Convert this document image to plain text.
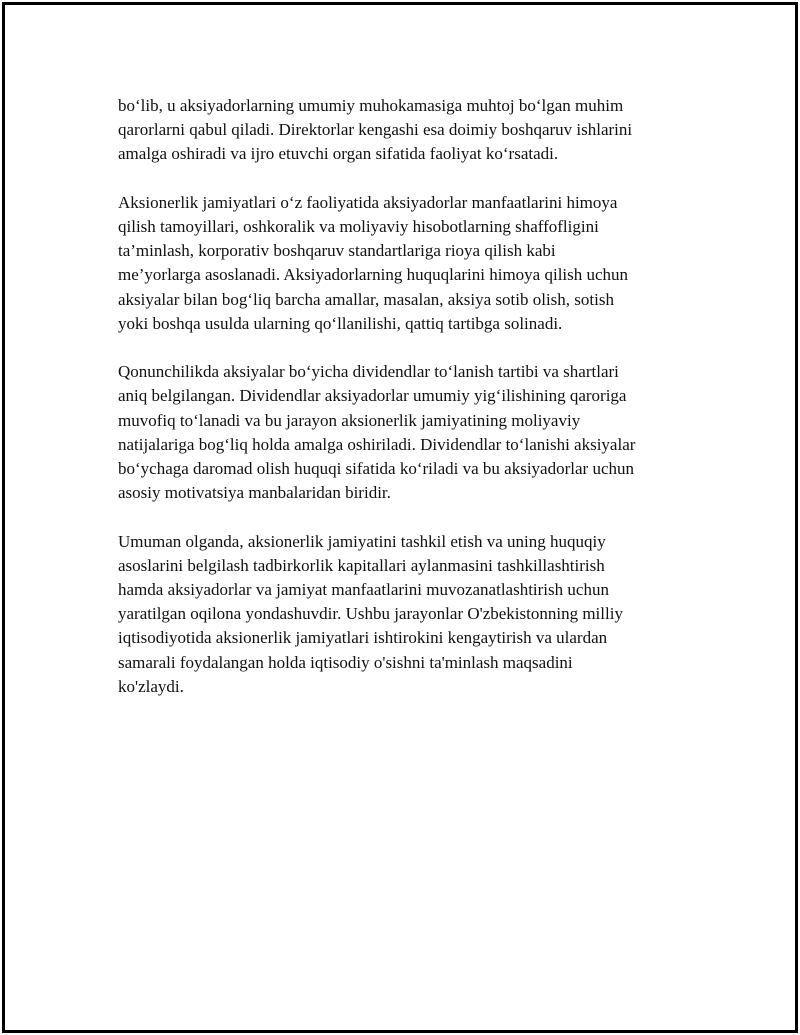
bo‘lib, u aksiyadorlarning umumiy muhokamasiga muhtoj bo‘lgan muhim
qarorlarni qabul qiladi. Direktorlar kengashi esa doimiy boshqaruv ishlarini
amalga oshiradi va ijro etuvchi organ sifatida faoliyat ko‘rsatadi.

Aksionerlik jamiyatlari o‘z faoliyatida aksiyadorlar manfaatlarini himoya
qilish tamoyillari, oshkoralik va moliyaviy hisobotlarning shaffofligini
ta’minlash, korporativ boshqaruv standartlariga rioya qilish kabi
me’yorlarga asoslanadi. Aksiyadorlarning huquqlarini himoya qilish uchun
aksiyalar bilan bog‘liq barcha amallar, masalan, aksiya sotib olish, sotish
yoki boshqa usulda ularning qo‘llanilishi, qattiq tartibga solinadi.

Qonunchilikda aksiyalar bo‘yicha dividendlar to‘lanish tartibi va shartlari
aniq belgilangan. Dividendlar aksiyadorlar umumiy yig‘ilishining qaroriga
muvofiq to‘lanadi va bu jarayon aksionerlik jamiyatining moliyaviy
natijalariga bog‘liq holda amalga oshiriladi. Dividendlar to‘lanishi aksiyalar
bo‘ychaga daromad olish huquqi sifatida ko‘riladi va bu aksiyadorlar uchun
asosiy motivatsiya manbalaridan biridir.

Umuman olganda, aksionerlik jamiyatini tashkil etish va uning huquqiy
asoslarini belgilash tadbirkorlik kapitallari aylanmasini tashkillashtirish
hamda aksiyadorlar va jamiyat manfaatlarini muvozanatlashtirish uchun
yaratilgan oqilona yondashuvdir. Ushbu jarayonlar O'zbekistonning milliy
iqtisodiyotida aksionerlik jamiyatlari ishtirokini kengaytirish va ulardan
samarali foydalangan holda iqtisodiy o'sishni ta'minlash maqsadini
ko'zlaydi.
